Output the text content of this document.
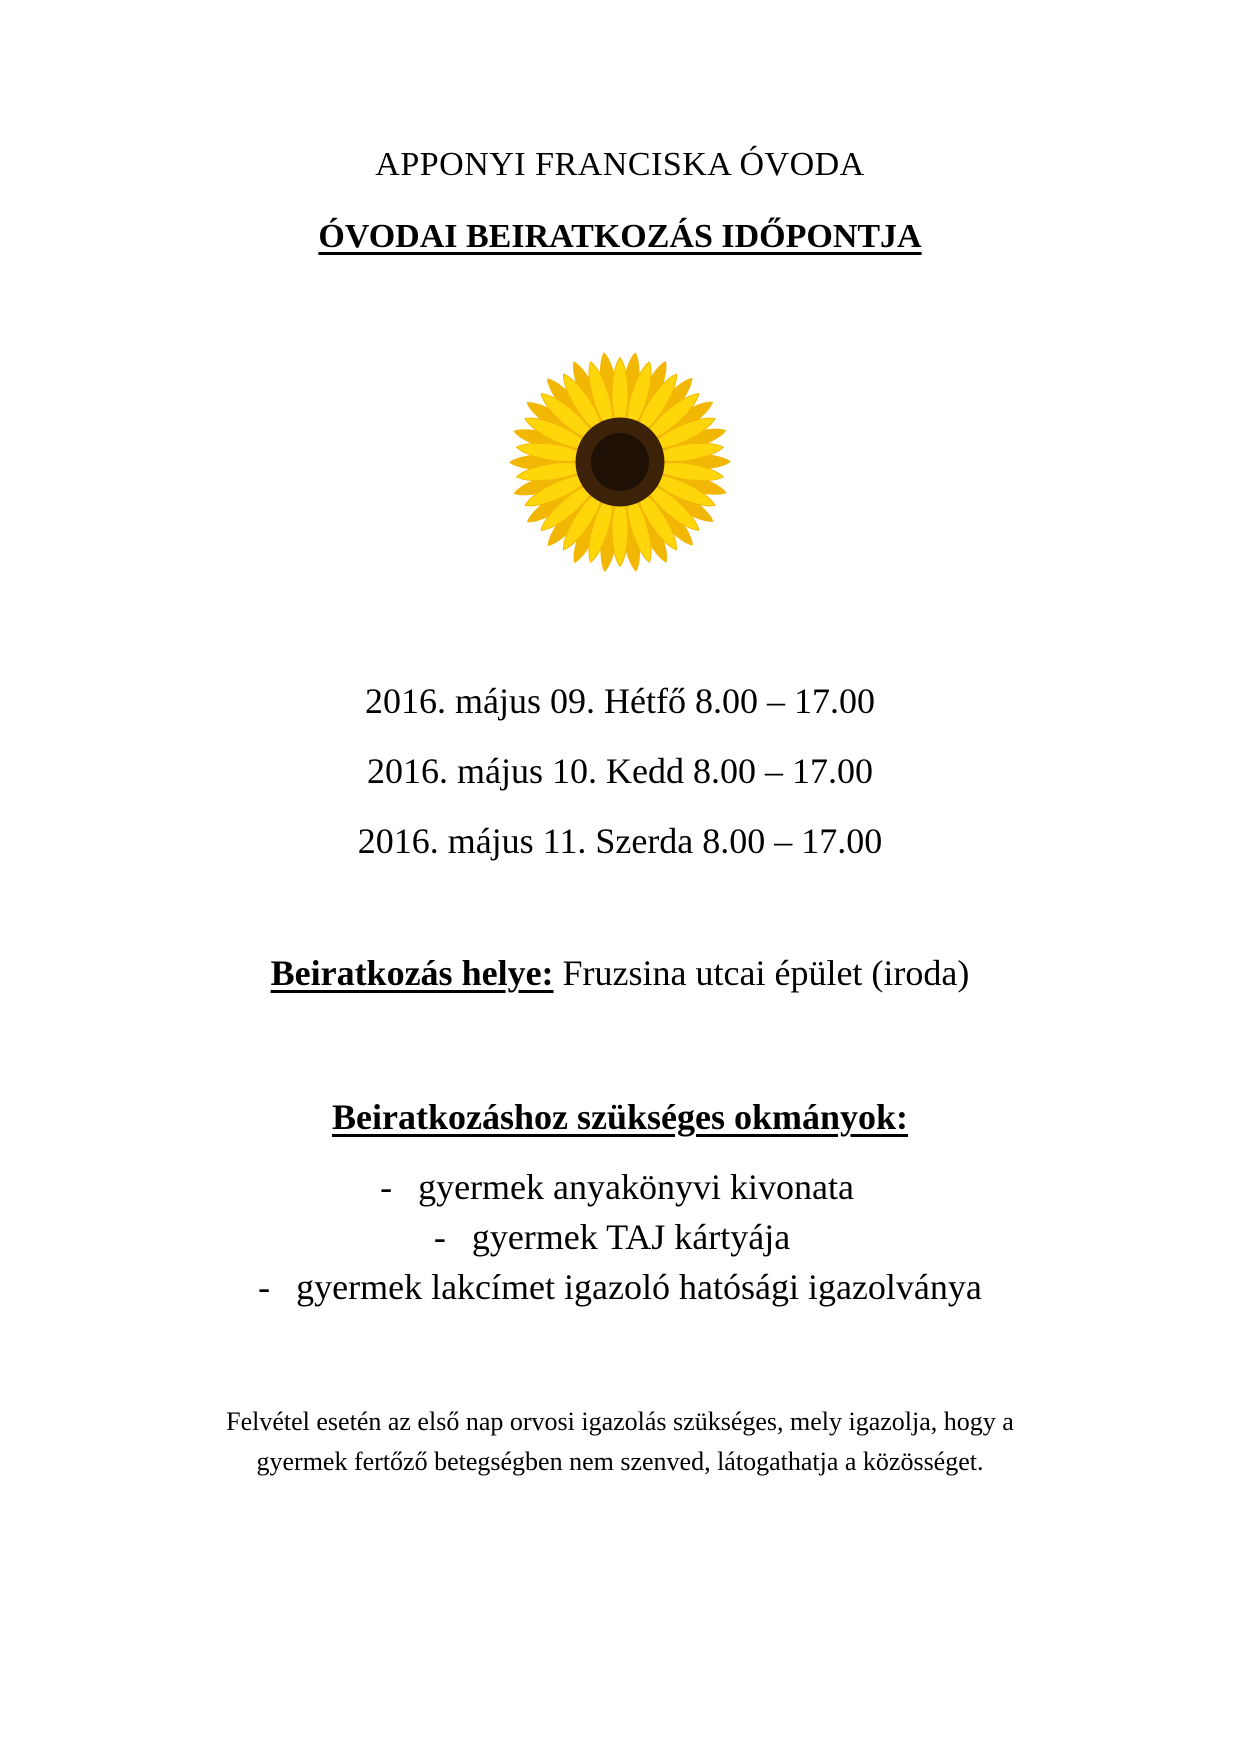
APPONYI FRANCISKA ÓVODA
ÓVODAI BEIRATKOZÁS IDŐPONTJA
2016. május 09. Hétfő 8.00 – 17.00
2016. május 10. Kedd 8.00 – 17.00
2016. május 11. Szerda 8.00 – 17.00
Beiratkozás helye: Fruzsina utcai épület (iroda)
Beiratkozáshoz szükséges okmányok:
- gyermek anyakönyvi kivonata
- gyermek TAJ kártyája
- gyermek lakcímet igazoló hatósági igazolványa
Felvétel esetén az első nap orvosi igazolás szükséges, mely igazolja, hogy a
gyermek fertőző betegségben nem szenved, látogathatja a közösséget.
